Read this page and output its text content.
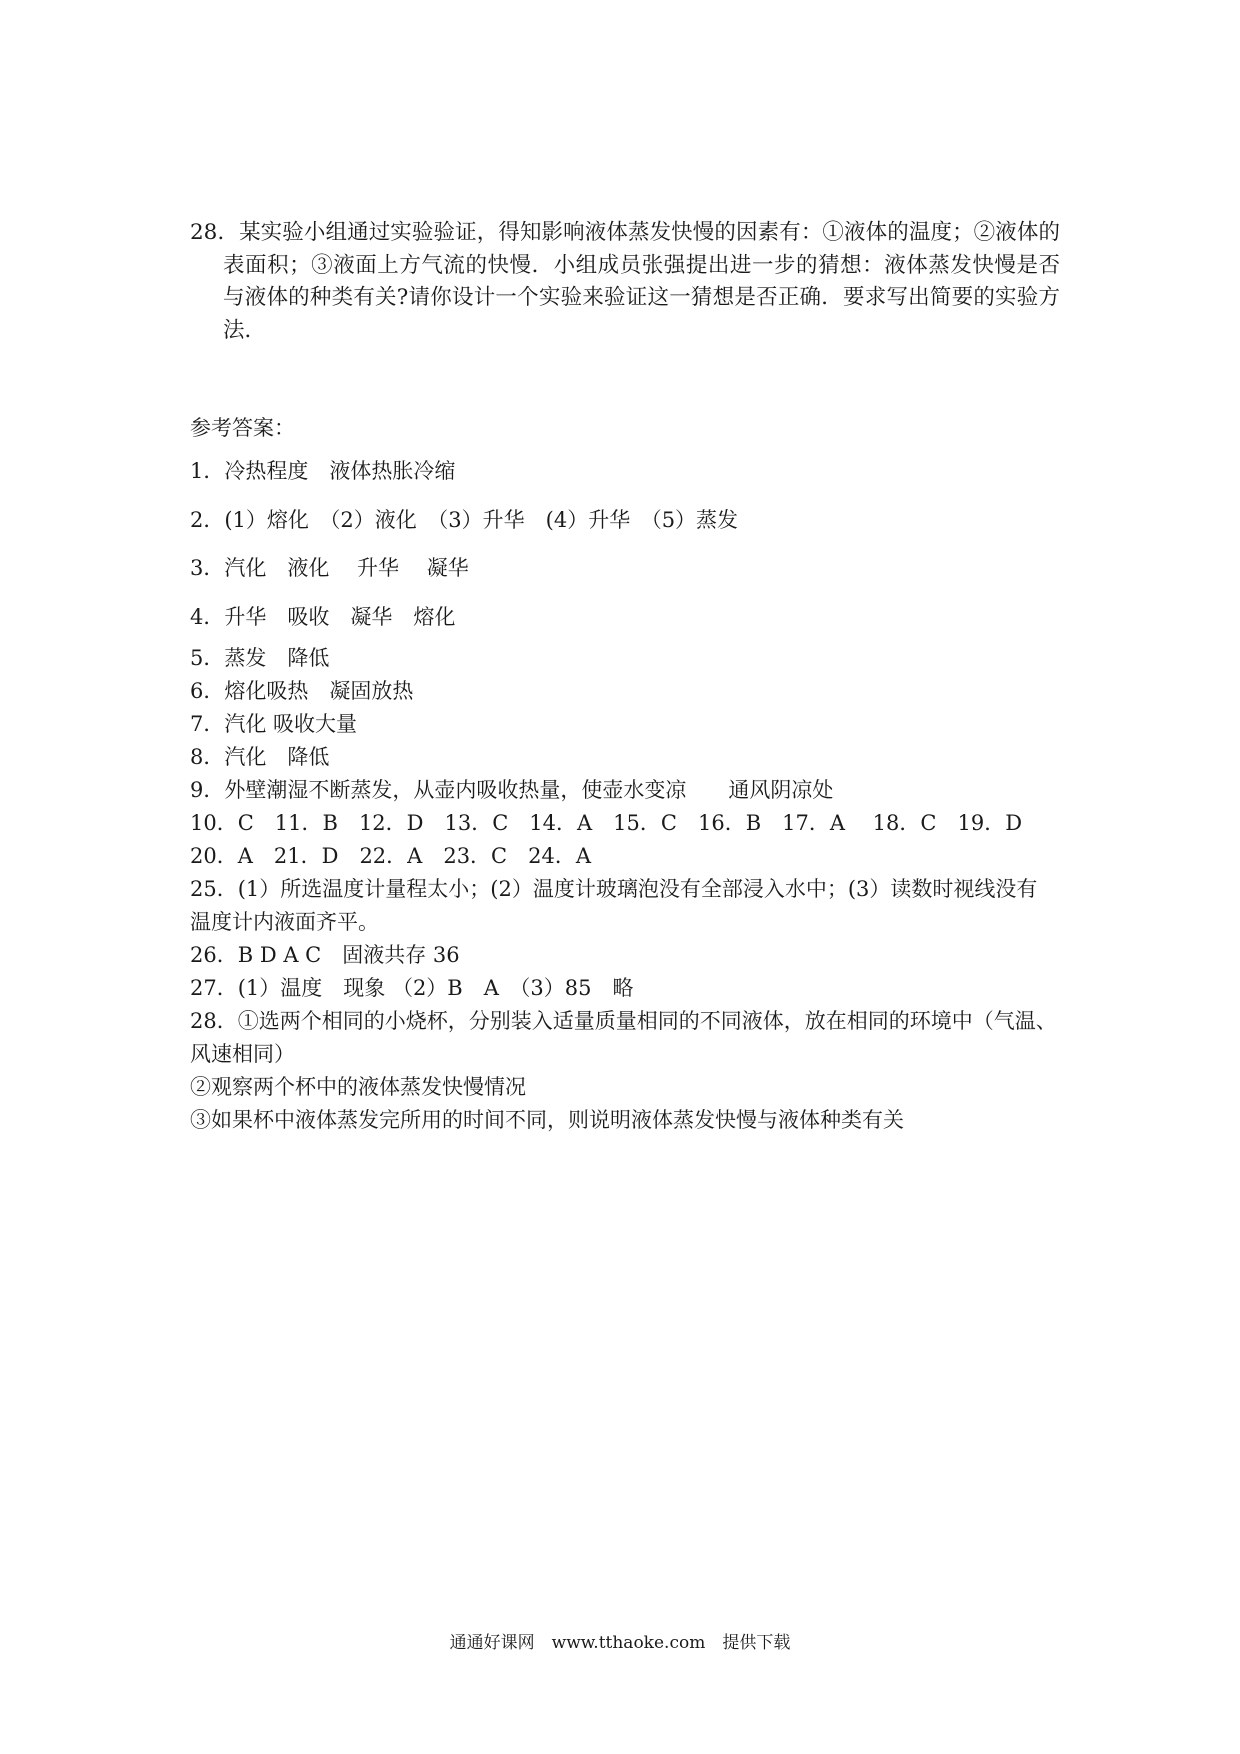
28．某实验小组通过实验验证，得知影响液体蒸发快慢的因素有：①液体的温度；②液体的表面积；③液面上方气流的快慢．小组成员张强提出进一步的猜想：液体蒸发快慢是否与液体的种类有关?请你设计一个实验来验证这一猜想是否正确．要求写出简要的实验方法．
参考答案：
1．冷热程度　液体热胀冷缩
2．(1）熔化　（2）液化　（3）升华　(4）升华　（5）蒸发
3．汽化　液化　 升华　 凝华
4．升华　吸收　凝华　熔化
5．蒸发　降低
6．熔化吸热　凝固放热
7．汽化 吸收大量
8．汽化　降低
9．外壁潮湿不断蒸发，从壶内吸收热量，使壶水变凉　　通风阴凉处
10．C　11．B　12．D　13．C　14．A　15．C　16．B　17．A　 18．C　19．D
20．A　21．D　22．A　23．C　24．A
25．(1）所选温度计量程太小；(2）温度计玻璃泡没有全部浸入水中；(3）读数时视线没有
温度计内液面齐平。
26．B D A C　固液共存 36
27．(1）温度　现象 （2）B　A　（3）85　略
28．①选两个相同的小烧杯，分别装入适量质量相同的不同液体，放在相同的环境中（气温、
风速相同）
②观察两个杯中的液体蒸发快慢情况
③如果杯中液体蒸发完所用的时间不同，则说明液体蒸发快慢与液体种类有关
通通好课网　www.tthaoke.com　提供下载
